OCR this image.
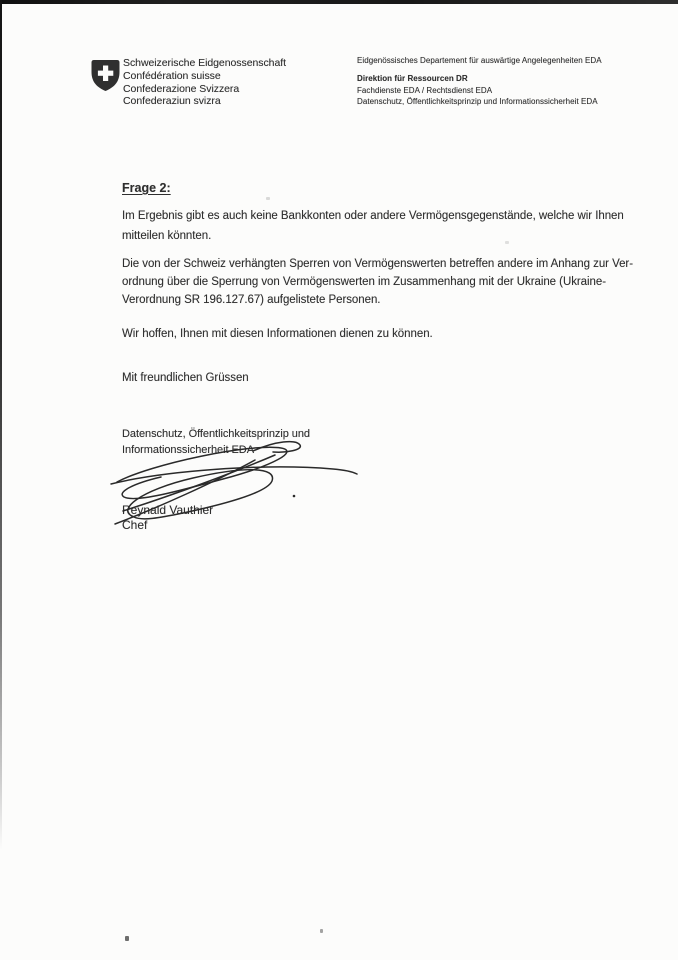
Schweizerische Eidgenossenschaft
Confédération suisse
Confederazione Svizzera
Confederaziun svizra
Eidgenössisches Departement für auswärtige Angelegenheiten EDA
Direktion für Ressourcen DR
Fachdienste EDA / Rechtsdienst EDA
Datenschutz, Öffentlichkeitsprinzip und Informationssicherheit EDA
Frage 2:
Im Ergebnis gibt es auch keine Bankkonten oder andere Vermögensgegenstände, welche wir Ihnen
mitteilen könnten.
Die von der Schweiz verhängten Sperren von Vermögenswerten betreffen andere im Anhang zur Ver-
ordnung über die Sperrung von Vermögenswerten im Zusammenhang mit der Ukraine (Ukraine-
Verordnung SR 196.127.67) aufgelistete Personen.
Wir hoffen, Ihnen mit diesen Informationen dienen zu können.
Mit freundlichen Grüssen
Datenschutz, Öffentlichkeitsprinzip und
Informationssicherheit EDA
Reynald Vauthier
Chef
